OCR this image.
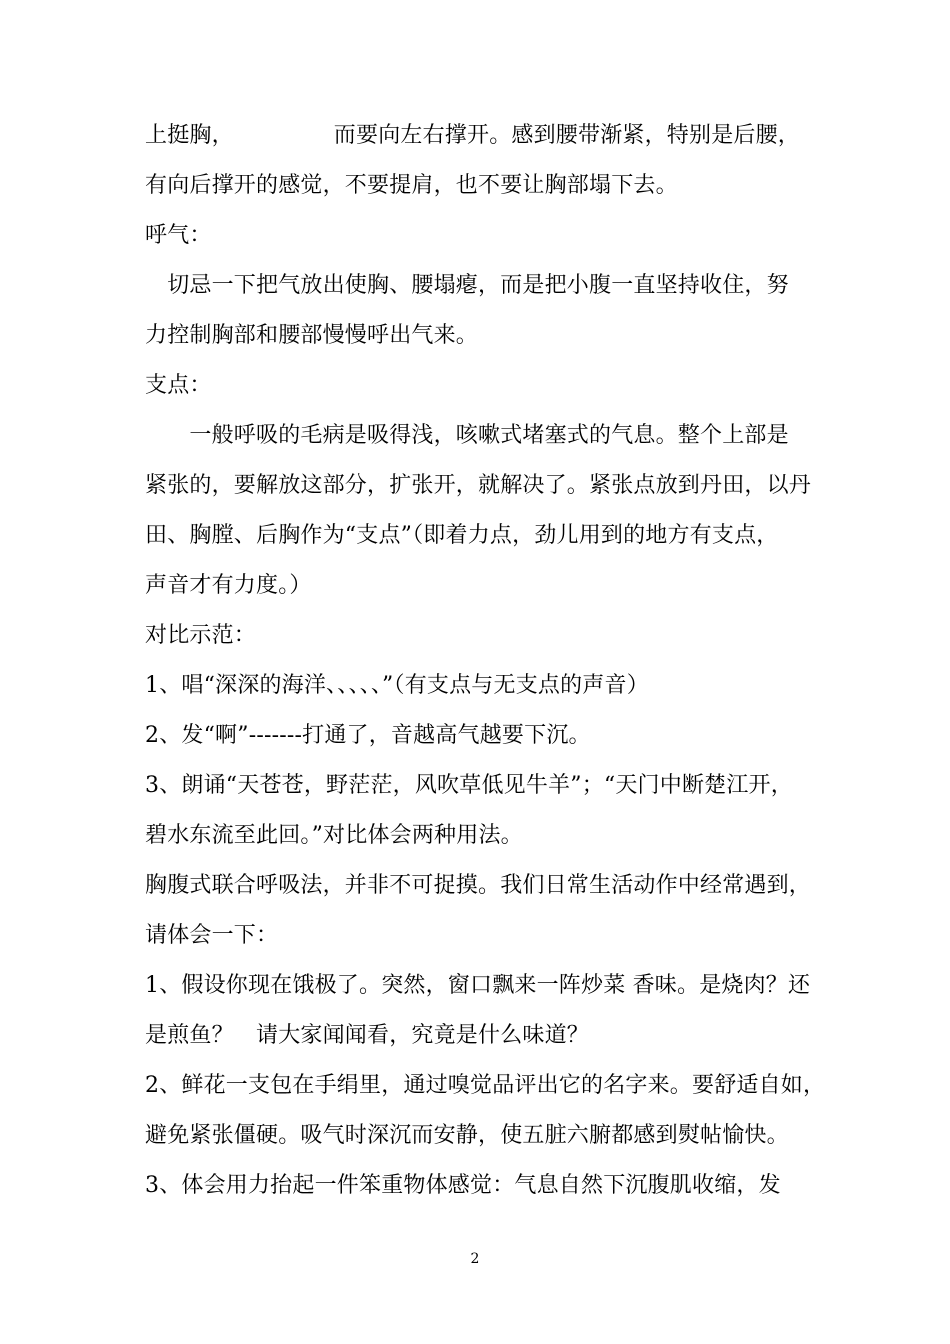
上挺胸，　　　　　而要向左右撑开。感到腰带渐紧，特别是后腰，
有向后撑开的感觉，不要提肩，也不要让胸部塌下去。
呼气：
　切忌一下把气放出使胸、腰塌瘪，而是把小腹一直坚持收住，努
力控制胸部和腰部慢慢呼出气来。
支点：
　　一般呼吸的毛病是吸得浅，咳嗽式堵塞式的气息。整个上部是
紧张的，要解放这部分，扩张开，就解决了。紧张点放到丹田，以丹
田、胸膛、后胸作为“支点”（即着力点，劲儿用到的地方有支点，
声音才有力度。）
对比示范：
1、唱“深深的海洋、、、、、”（有支点与无支点的声音）
2、发“啊”-------打通了，音越高气越要下沉。
3、朗诵“天苍苍，野茫茫，风吹草低见牛羊”；“天门中断楚江开，
碧水东流至此回。”对比体会两种用法。
胸腹式联合呼吸法，并非不可捉摸。我们日常生活动作中经常遇到，
请体会一下：
1、假设你现在饿极了。突然，窗口飘来一阵炒菜 香味。是烧肉？还
是煎鱼？　请大家闻闻看，究竟是什么味道？
2、鲜花一支包在手绢里，通过嗅觉品评出它的名字来。要舒适自如，
避免紧张僵硬。吸气时深沉而安静，使五脏六腑都感到熨帖愉快。
3、体会用力抬起一件笨重物体感觉：气息自然下沉腹肌收缩，发
2
